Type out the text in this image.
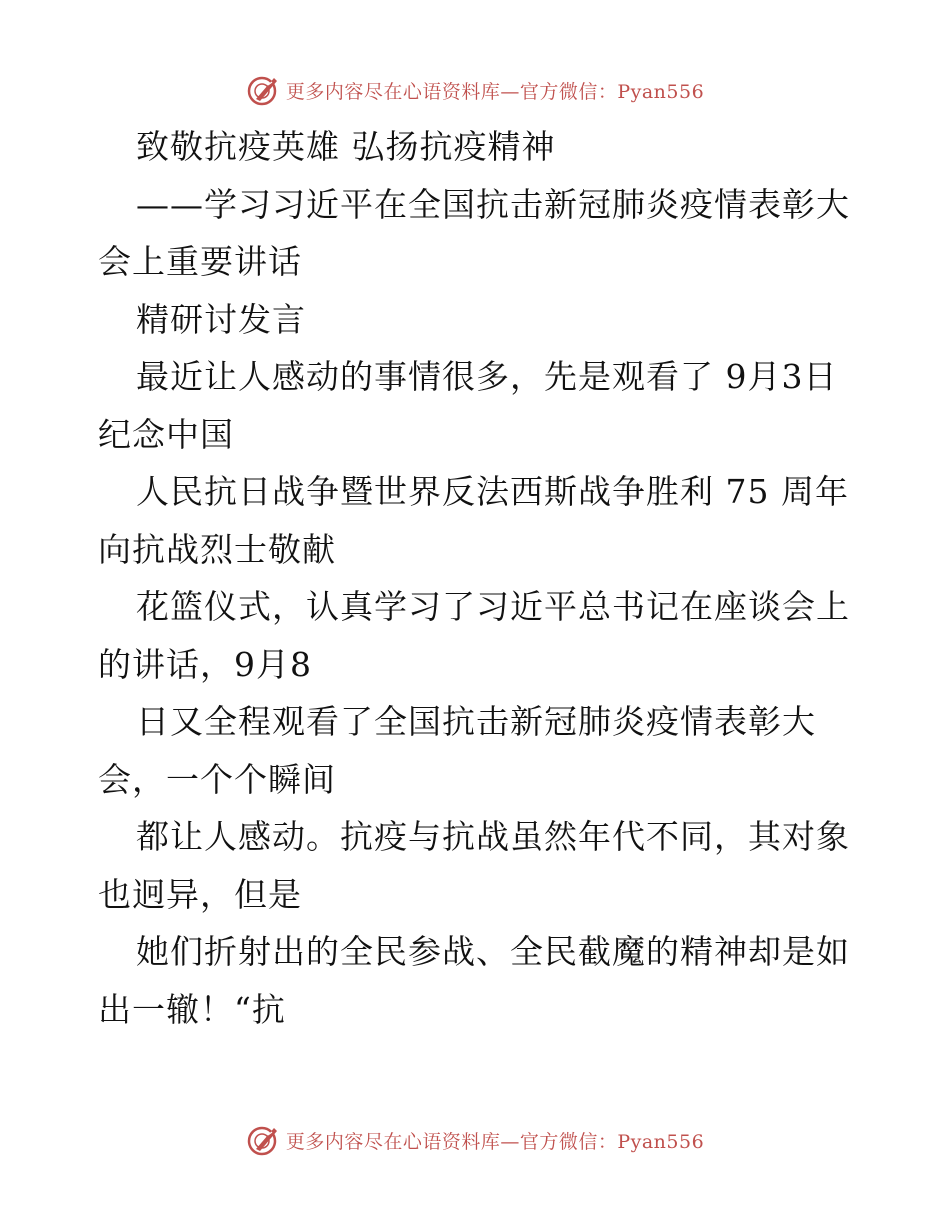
更多内容尽在心语资料库—官方微信：Pyan556
致敬抗疫英雄 弘扬抗疫精神
——学习习近平在全国抗击新冠肺炎疫情表彰大
会上重要讲话
精研讨发言
最近让人感动的事情很多，先是观看了 9月3日
纪念中国
人民抗日战争暨世界反法西斯战争胜利 75 周年
向抗战烈士敬献
花篮仪式，认真学习了习近平总书记在座谈会上
的讲话，9月8
日又全程观看了全国抗击新冠肺炎疫情表彰大
会，一个个瞬间
都让人感动。抗疫与抗战虽然年代不同，其对象
也迥异，但是
她们折射出的全民参战、全民截魔的精神却是如
出一辙！“抗
更多内容尽在心语资料库—官方微信：Pyan556
